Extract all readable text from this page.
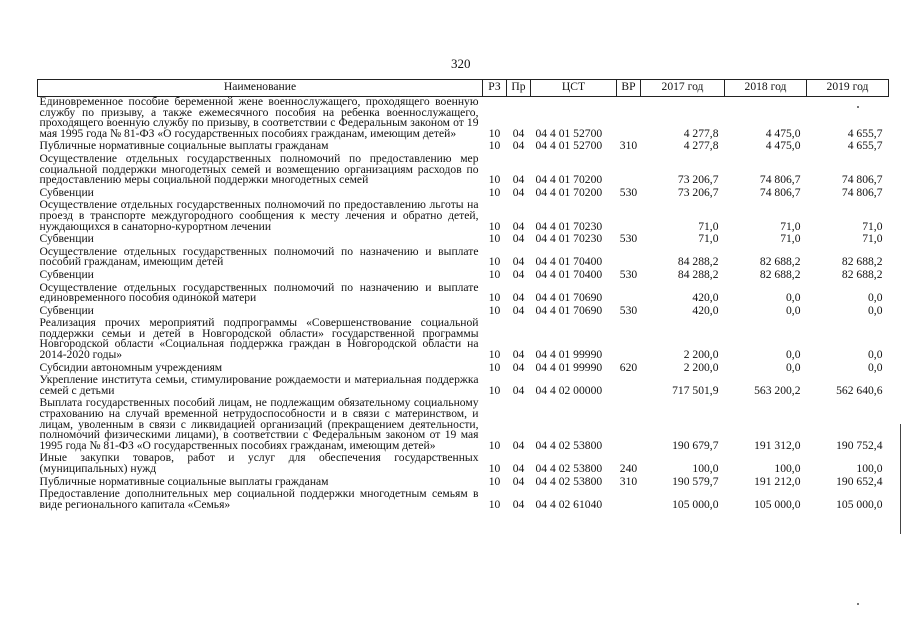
320
Наименование	РЗ	Пр	ЦСТ	ВР	2017 год	2018 год	2019 год
Единовременное пособие беременной жене военнослужащего, проходящего военную службу по призыву, а также ежемесячного пособия на ребенка военнослужащего, проходящего военную службу по призыву, в соответствии с Федеральным законом от 19 мая 1995 года № 81-ФЗ «О государственных пособиях гражданам, имеющим детей»	10	04	04 4 01 52700		4 277,8	4 475,0	4 655,7
Публичные нормативные социальные выплаты гражданам	10	04	04 4 01 52700	310	4 277,8	4 475,0	4 655,7
Осуществление отдельных государственных полномочий по предоставлению мер социальной поддержки многодетных семей и возмещению организациям расходов по предоставлению меры социальной поддержки многодетных семей	10	04	04 4 01 70200		73 206,7	74 806,7	74 806,7
Субвенции	10	04	04 4 01 70200	530	73 206,7	74 806,7	74 806,7
Осуществление отдельных государственных полномочий по предоставлению льготы на проезд в транспорте междугородного сообщения к месту лечения и обратно детей, нуждающихся в санаторно-курортном лечении	10	04	04 4 01 70230		71,0	71,0	71,0
Субвенции	10	04	04 4 01 70230	530	71,0	71,0	71,0
Осуществление отдельных государственных полномочий по назначению и выплате пособий гражданам, имеющим детей	10	04	04 4 01 70400		84 288,2	82 688,2	82 688,2
Субвенции	10	04	04 4 01 70400	530	84 288,2	82 688,2	82 688,2
Осуществление отдельных государственных полномочий по назначению и выплате единовременного пособия одинокой матери	10	04	04 4 01 70690		420,0	0,0	0,0
Субвенции	10	04	04 4 01 70690	530	420,0	0,0	0,0
Реализация прочих мероприятий подпрограммы «Совершенствование социальной поддержки семьи и детей в Новгородской области» государственной программы Новгородской области «Социальная поддержка граждан в Новгородской области на 2014-2020 годы»	10	04	04 4 01 99990		2 200,0	0,0	0,0
Субсидии автономным учреждениям	10	04	04 4 01 99990	620	2 200,0	0,0	0,0
Укрепление института семьи, стимулирование рождаемости и материальная поддержка семей с детьми	10	04	04 4 02 00000		717 501,9	563 200,2	562 640,6
Выплата государственных пособий лицам, не подлежащим обязательному социальному страхованию на случай временной нетрудоспособности и в связи с материнством, и лицам, уволенным в связи с ликвидацией организаций (прекращением деятельности, полномочий физическими лицами), в соответствии с Федеральным законом от 19 мая 1995 года № 81-ФЗ «О государственных пособиях гражданам, имеющим детей»	10	04	04 4 02 53800		190 679,7	191 312,0	190 752,4
Иные закупки товаров, работ и услуг для обеспечения государственных (муниципальных) нужд	10	04	04 4 02 53800	240	100,0	100,0	100,0
Публичные нормативные социальные выплаты гражданам	10	04	04 4 02 53800	310	190 579,7	191 212,0	190 652,4
Предоставление дополнительных мер социальной поддержки многодетным семьям в виде регионального капитала «Семья»	10	04	04 4 02 61040		105 000,0	105 000,0	105 000,0
